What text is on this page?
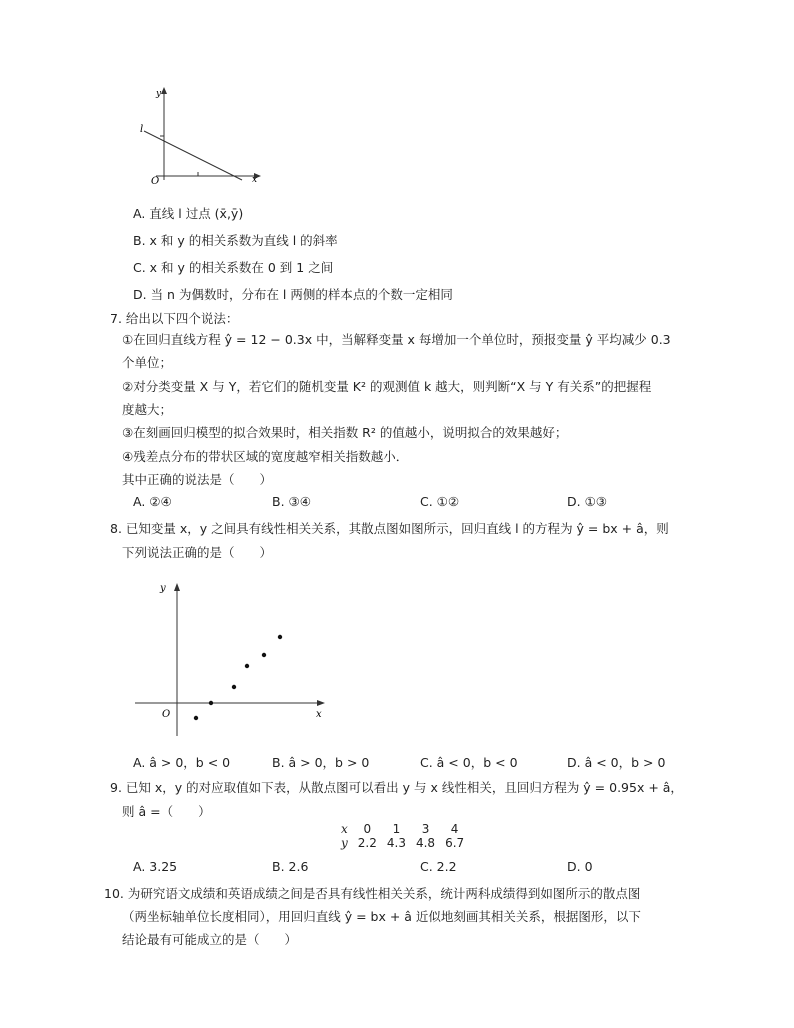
y
x
O
l
A. 直线 l 过点 (x̄,ȳ)
B. x 和 y 的相关系数为直线 l 的斜率
C. x 和 y 的相关系数在 0 到 1 之间
D. 当 n 为偶数时，分布在 l 两侧的样本点的个数一定相同
7. 给出以下四个说法：
①在回归直线方程 ŷ = 12 − 0.3x 中，当解释变量 x 每增加一个单位时，预报变量 ŷ 平均减少 0.3
个单位；
②对分类变量 X 与 Y，若它们的随机变量 K² 的观测值 k 越大，则判断“X 与 Y 有关系”的把握程
度越大；
③在刻画回归模型的拟合效果时，相关指数 R² 的值越小，说明拟合的效果越好；
④残差点分布的带状区域的宽度越窄相关指数越小．
其中正确的说法是（　　）
A. ②④	B. ③④	C. ①②	D. ①③
8. 已知变量 x，y 之间具有线性相关关系，其散点图如图所示，回归直线 l 的方程为 ŷ = bx + â，则
下列说法正确的是（　　）
y
x
O
A. â > 0，b < 0	B. â > 0，b > 0	C. â < 0，b < 0	D. â < 0，b > 0
9. 已知 x，y 的对应取值如下表，从散点图可以看出 y 与 x 线性相关，且回归方程为 ŷ = 0.95x + â，
则 â =（　　）
x	0	1	3	4
y	2.2	4.3	4.8	6.7
A. 3.25	B. 2.6	C. 2.2	D. 0
10. 为研究语文成绩和英语成绩之间是否具有线性相关关系，统计两科成绩得到如图所示的散点图
（两坐标轴单位长度相同），用回归直线 ŷ = bx + â 近似地刻画其相关关系，根据图形，以下
结论最有可能成立的是（　　）
